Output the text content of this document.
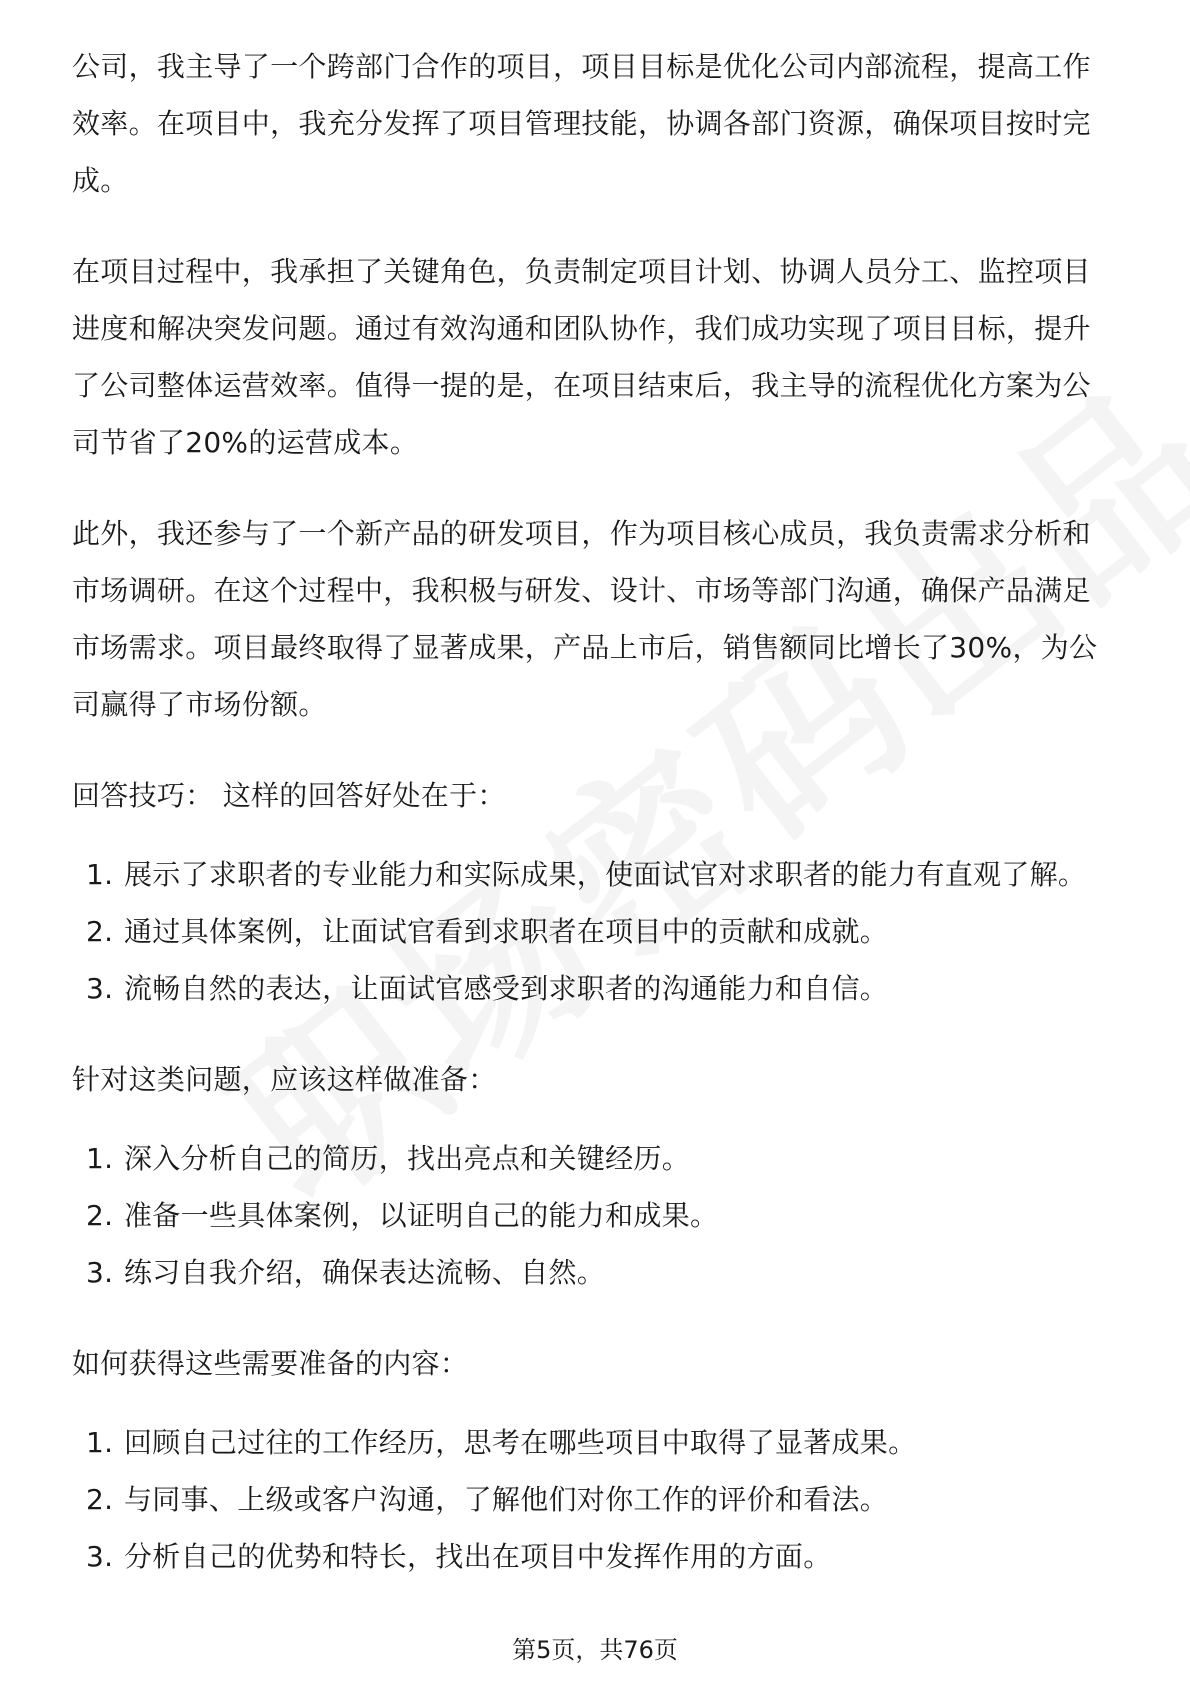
公司，我主导了一个跨部门合作的项目，项目目标是优化公司内部流程，提高工作效率。在项目中，我充分发挥了项目管理技能，协调各部门资源，确保项目按时完成。

在项目过程中，我承担了关键角色，负责制定项目计划、协调人员分工、监控项目进度和解决突发问题。通过有效沟通和团队协作，我们成功实现了项目目标，提升了公司整体运营效率。值得一提的是，在项目结束后，我主导的流程优化方案为公司节省了20%的运营成本。

此外，我还参与了一个新产品的研发项目，作为项目核心成员，我负责需求分析和市场调研。在这个过程中，我积极与研发、设计、市场等部门沟通，确保产品满足市场需求。项目最终取得了显著成果，产品上市后，销售额同比增长了30%，为公司赢得了市场份额。

回答技巧： 这样的回答好处在于：

1. 展示了求职者的专业能力和实际成果，使面试官对求职者的能力有直观了解。
2. 通过具体案例，让面试官看到求职者在项目中的贡献和成就。
3. 流畅自然的表达，让面试官感受到求职者的沟通能力和自信。

针对这类问题，应该这样做准备：

1. 深入分析自己的简历，找出亮点和关键经历。
2. 准备一些具体案例，以证明自己的能力和成果。
3. 练习自我介绍，确保表达流畅、自然。

如何获得这些需要准备的内容：

1. 回顾自己过往的工作经历，思考在哪些项目中取得了显著成果。
2. 与同事、上级或客户沟通，了解他们对你工作的评价和看法。
3. 分析自己的优势和特长，找出在项目中发挥作用的方面。
第5页，共76页
